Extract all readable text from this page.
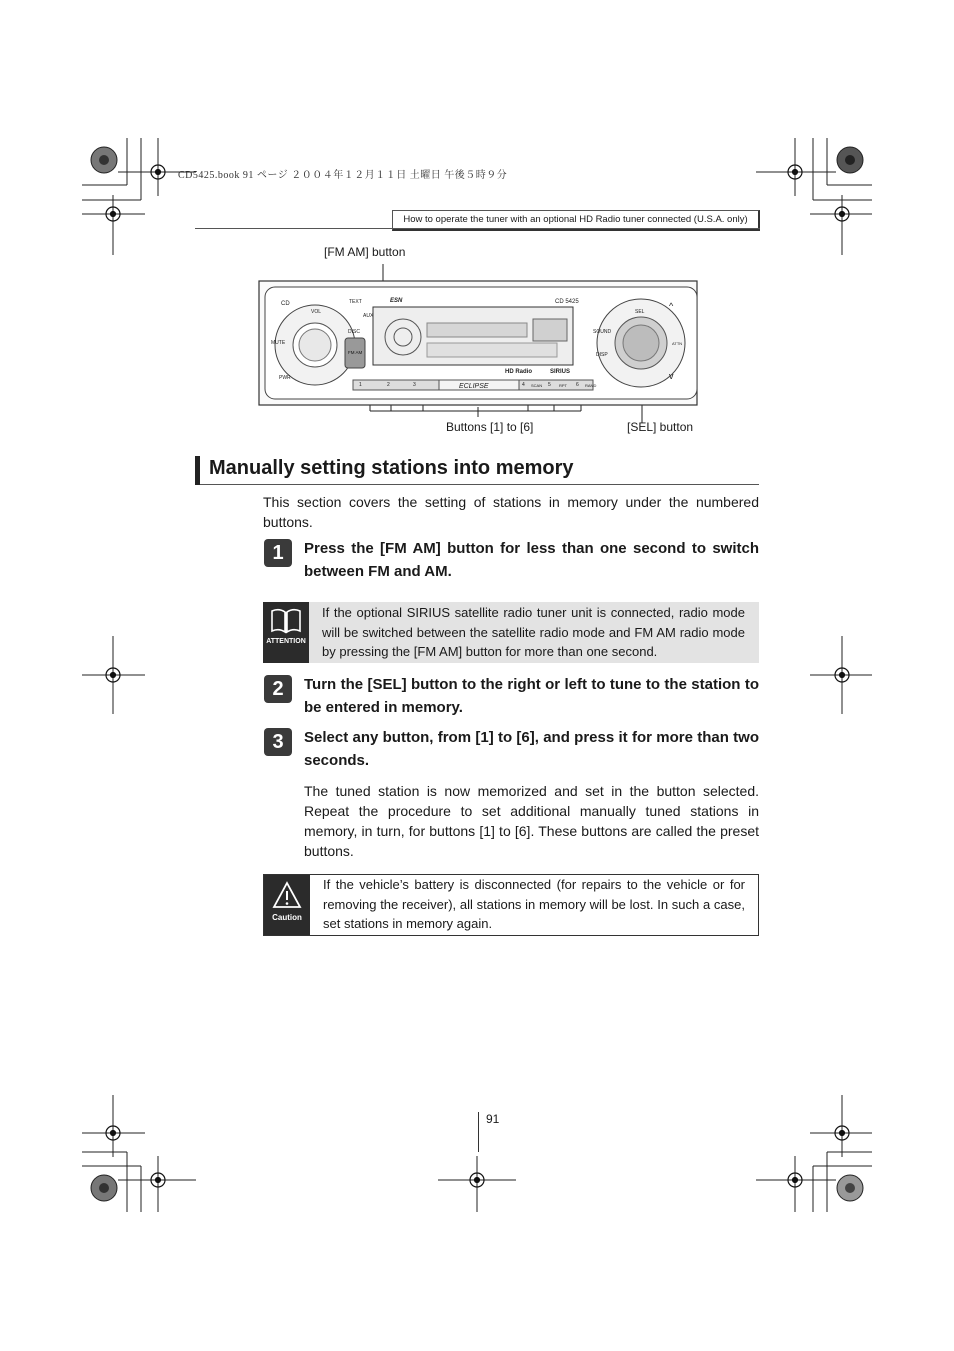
CD5425.book 91 ページ ２００４年１２月１１日 土曜日 午後５時９分
How to operate the tuner with an optional HD Radio tuner connected (U.S.A. only)
[FM AM] button
Buttons [1] to [6]	[SEL] button
CD
VOL
TEXT
AUX
DISC
FM AM
MUTE
PWR
ESN	CD 5425
ECLIPSE
HD Radio	SIRIUS
1	2	3	4 SCAN 5 RPT 6 RAND
SEL
SOUND
DISP
ATTN
^
v
Manually setting stations into memory
This section covers the setting of stations in memory under the numbered buttons.
1	Press the [FM AM] button for less than one second to switch between FM and AM.
ATTENTION
If the optional SIRIUS satellite radio tuner unit is connected, radio mode will be switched between the satellite radio mode and FM AM radio mode by pressing the [FM AM] button for more than one second.
2	Turn the [SEL] button to the right or left to tune to the station to be entered in memory.
3	Select any button, from [1] to [6], and press it for more than two seconds.
The tuned station is now memorized and set in the button selected. Repeat the procedure to set additional manually tuned stations in memory, in turn, for buttons [1] to [6]. These buttons are called the preset buttons.
Caution
If the vehicle’s battery is disconnected (for repairs to the vehicle or for removing the receiver), all stations in memory will be lost. In such a case, set stations in memory again.
91
